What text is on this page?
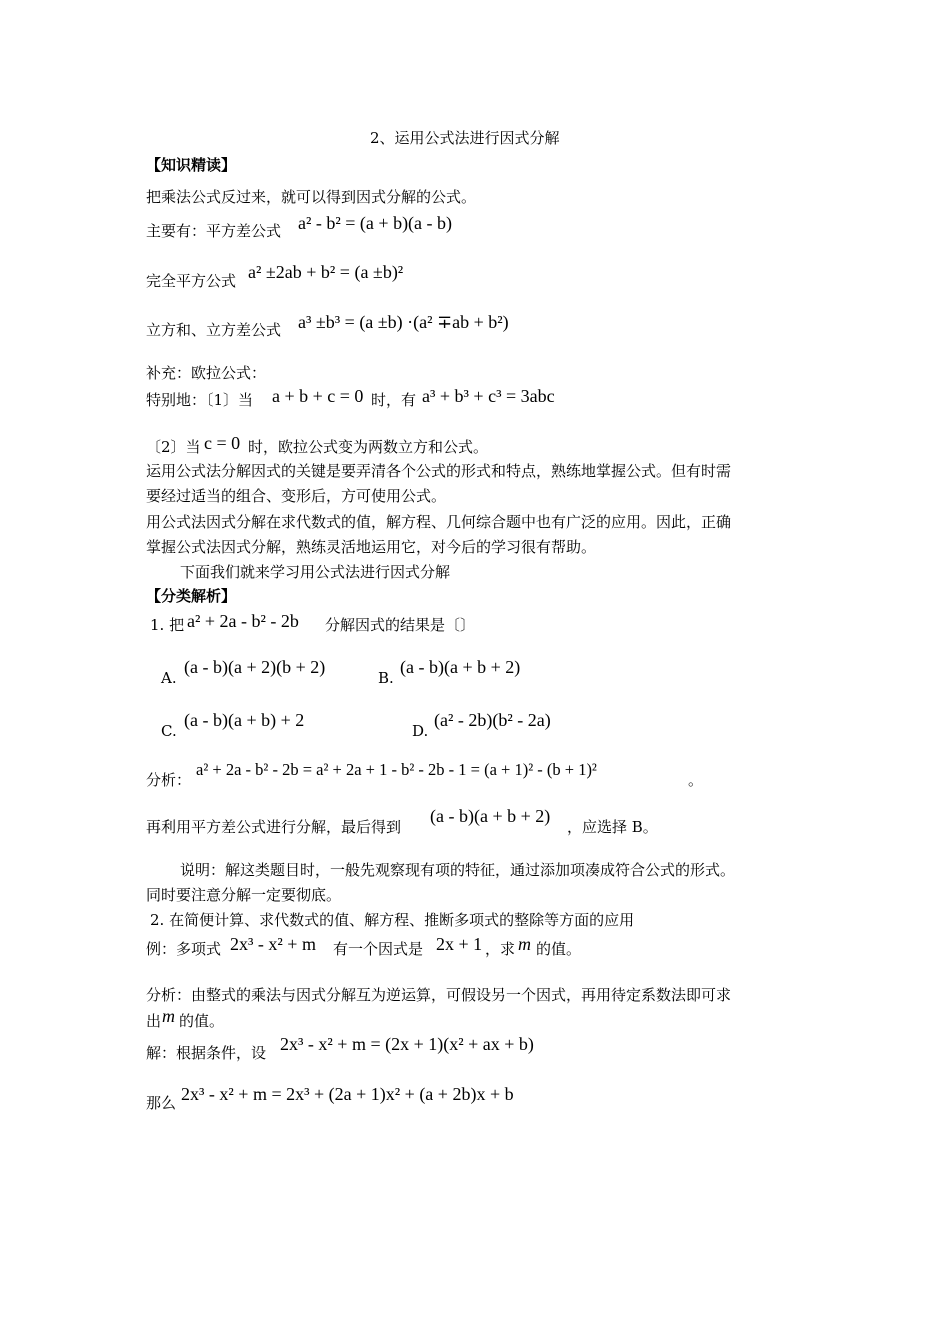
2、运用公式法进行因式分解
【知识精读】
把乘法公式反过来，就可以得到因式分解的公式。
主要有：平方差公式 a² - b² = (a + b)(a - b)
完全平方公式 a² ±2ab + b² = (a ±b)²
立方和、立方差公式 a³ ±b³ = (a ±b) ·(a² ∓ab + b²)
补充：欧拉公式：
特别地：〔1〕当 a + b + c = 0 时，有 a³ + b³ + c³ = 3abc
〔2〕当 c = 0 时，欧拉公式变为两数立方和公式。
运用公式法分解因式的关键是要弄清各个公式的形式和特点，熟练地掌握公式。但有时需
要经过适当的组合、变形后，方可使用公式。
用公式法因式分解在求代数式的值，解方程、几何综合题中也有广泛的应用。因此，正确
掌握公式法因式分解，熟练灵活地运用它，对今后的学习很有帮助。
下面我们就来学习用公式法进行因式分解
【分类解析】
1. 把 a² + 2a - b² - 2b 分解因式的结果是〔〕
A.
(a - b)(a + 2)(b + 2)
B.
(a - b)(a + b + 2)
C.
(a - b)(a + b) + 2
D.
(a² - 2b)(b² - 2a)
分析：
a² + 2a - b² - 2b = a² + 2a + 1 - b² - 2b - 1 = (a + 1)² - (b + 1)²
。
再利用平方差公式进行分解，最后得到
(a - b)(a + b + 2)
，应选择 B。
说明：解这类题目时，一般先观察现有项的特征，通过添加项凑成符合公式的形式。
同时要注意分解一定要彻底。
2. 在简便计算、求代数式的值、解方程、推断多项式的整除等方面的应用
例：多项式 2x³ - x² + m 有一个因式是 2x + 1 ，求 m 的值。
分析：由整式的乘法与因式分解互为逆运算，可假设另一个因式，再用待定系数法即可求
出 m 的值。
解：根据条件，设 2x³ - x² + m = (2x + 1)(x² + ax + b)
那么 2x³ - x² + m = 2x³ + (2a + 1)x² + (a + 2b)x + b
